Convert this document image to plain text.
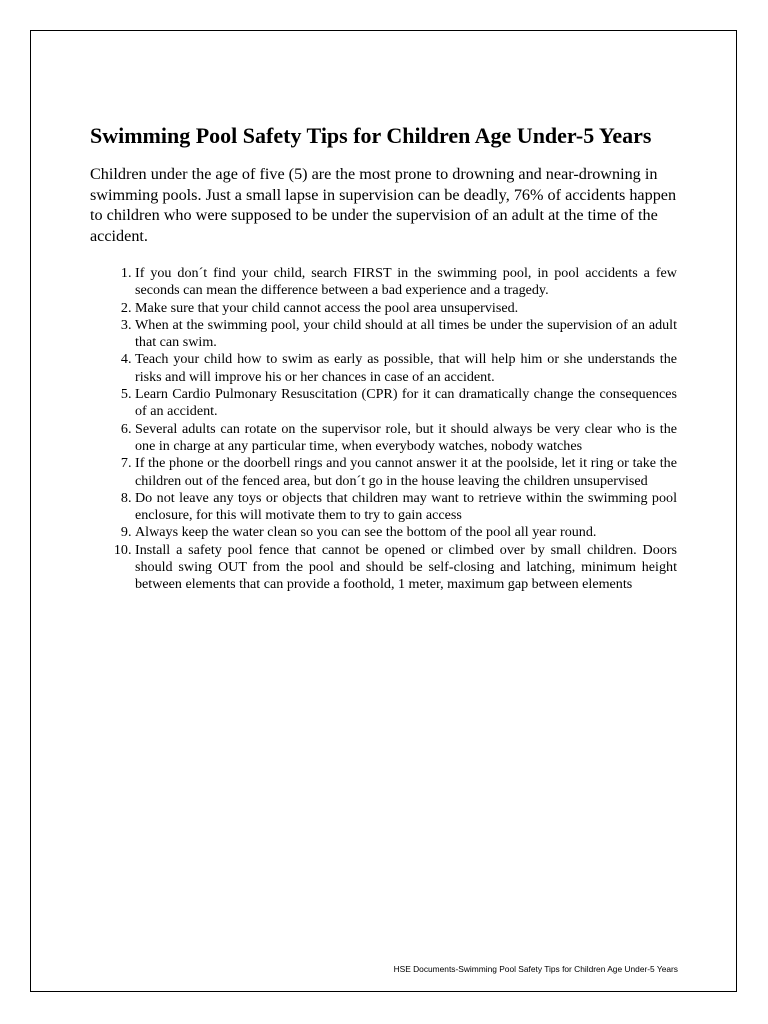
Swimming Pool Safety Tips for Children Age Under-5 Years

Children under the age of five (5) are the most prone to drowning and near-drowning in swimming pools. Just a small lapse in supervision can be deadly, 76% of accidents happen to children who were supposed to be under the supervision of an adult at the time of the accident.

1. If you don´t find your child, search FIRST in the swimming pool, in pool accidents a few seconds can mean the difference between a bad experience and a tragedy.
2. Make sure that your child cannot access the pool area unsupervised.
3. When at the swimming pool, your child should at all times be under the supervision of an adult that can swim.
4. Teach your child how to swim as early as possible, that will help him or she understands the risks and will improve his or her chances in case of an accident.
5. Learn Cardio Pulmonary Resuscitation (CPR) for it can dramatically change the consequences of an accident.
6. Several adults can rotate on the supervisor role, but it should always be very clear who is the one in charge at any particular time, when everybody watches, nobody watches
7. If the phone or the doorbell rings and you cannot answer it at the poolside, let it ring or take the children out of the fenced area, but don´t go in the house leaving the children unsupervised
8. Do not leave any toys or objects that children may want to retrieve within the swimming pool enclosure, for this will motivate them to try to gain access
9. Always keep the water clean so you can see the bottom of the pool all year round.
10. Install a safety pool fence that cannot be opened or climbed over by small children. Doors should swing OUT from the pool and should be self-closing and latching, minimum height between elements that can provide a foothold, 1 meter, maximum gap between elements
HSE Documents-Swimming Pool Safety Tips for Children Age Under-5 Years
